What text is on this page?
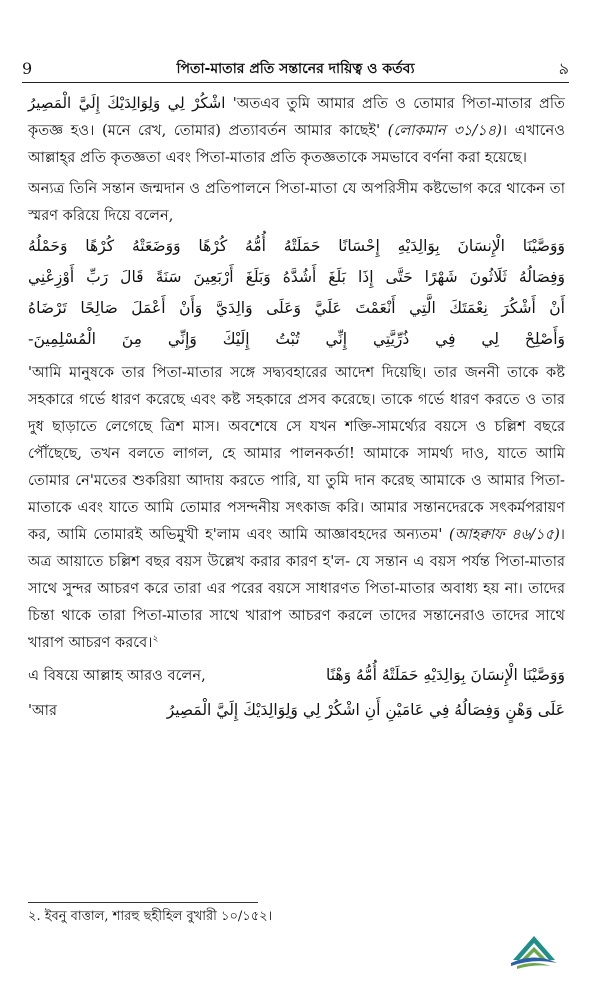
9	পিতা-মাতার প্রতি সন্তানের দায়িত্ব ও কর্তব্য	৯

اشْكُرْ لِي وَلِوَالِدَيْكَ إِلَيَّ الْمَصِيرُ 'অতএব তুমি আমার প্রতি ও তোমার পিতা-মাতার প্রতি কৃতজ্ঞ হও। (মনে রেখ, তোমার) প্রত্যাবর্তন আমার কাছেই' (লোকমান ৩১/১৪)। এখানেও আল্লাহ্‌র প্রতি কৃতজ্ঞতা এবং পিতা-মাতার প্রতি কৃতজ্ঞতাকে সমভাবে বর্ণনা করা হয়েছে।

অন্যত্র তিনি সন্তান জন্মদান ও প্রতিপালনে পিতা-মাতা যে অপরিসীম কষ্টভোগ করে থাকেন তা স্মরণ করিয়ে দিয়ে বলেন,

وَوَصَّيْنَا الْإِنسَانَ بِوَالِدَيْهِ إِحْسَانًا حَمَلَتْهُ أُمُّهُ كُرْهًا وَوَضَعَتْهُ كُرْهًا وَحَمْلُهُ
وَفِصَالُهُ ثَلَاثُونَ شَهْرًا حَتَّى إِذَا بَلَغَ أَشُدَّهُ وَبَلَغَ أَرْبَعِينَ سَنَةً قَالَ رَبِّ أَوْزِعْنِي
أَنْ أَشْكُرَ نِعْمَتَكَ الَّتِي أَنْعَمْتَ عَلَيَّ وَعَلَى وَالِدَيَّ وَأَنْ أَعْمَلَ صَالِحًا تَرْضَاهُ
وَأَصْلِحْ لِي فِي ذُرِّيَّتِي إِنِّي تُبْتُ إِلَيْكَ وَإِنِّي مِنَ الْمُسْلِمِينَ-

'আমি মানুষকে তার পিতা-মাতার সঙ্গে সদ্ব্যবহারের আদেশ দিয়েছি। তার জননী তাকে কষ্ট সহকারে গর্ভে ধারণ করেছে এবং কষ্ট সহকারে প্রসব করেছে। তাকে গর্ভে ধারণ করতে ও তার দুধ ছাড়াতে লেগেছে ত্রিশ মাস। অবশেষে সে যখন শক্তি-সামর্থ্যের বয়সে ও চল্লিশ বছরে পৌঁছেছে, তখন বলতে লাগল, হে আমার পালনকর্তা! আমাকে সামর্থ্য দাও, যাতে আমি তোমার নে'মতের শুকরিয়া আদায় করতে পারি, যা তুমি দান করেছ আমাকে ও আমার পিতা-মাতাকে এবং যাতে আমি তোমার পসন্দনীয় সৎকাজ করি। আমার সন্তানদেরকে সৎকর্মপরায়ণ কর, আমি তোমারই অভিমুখী হ'লাম এবং আমি আজ্ঞাবহদের অন্যতম' (আহক্বাফ ৪৬/১৫)। অত্র আয়াতে চল্লিশ বছর বয়স উল্লেখ করার কারণ হ'ল- যে সন্তান এ বয়স পর্যন্ত পিতা-মাতার সাথে সুন্দর আচরণ করে তারা এর পরের বয়সে সাধারণত পিতা-মাতার অবাধ্য হয় না। তাদের চিন্তা থাকে তারা পিতা-মাতার সাথে খারাপ আচরণ করলে তাদের সন্তানেরাও তাদের সাথে খারাপ আচরণ করবে।$^২$

এ বিষয়ে আল্লাহ আরও বলেন,	وَوَصَّيْنَا الْإِنسَانَ بِوَالِدَيْهِ حَمَلَتْهُ أُمُّهُ وَهْنًا
'আর	عَلَى وَهْنٍ وَفِصَالُهُ فِي عَامَيْنِ أَنِ اشْكُرْ لِي وَلِوَالِدَيْكَ إِلَيَّ الْمَصِيرُ
২. ইবনু বাত্তাল, শারহু ছহীহিল বুখারী ১০/১৫২।
